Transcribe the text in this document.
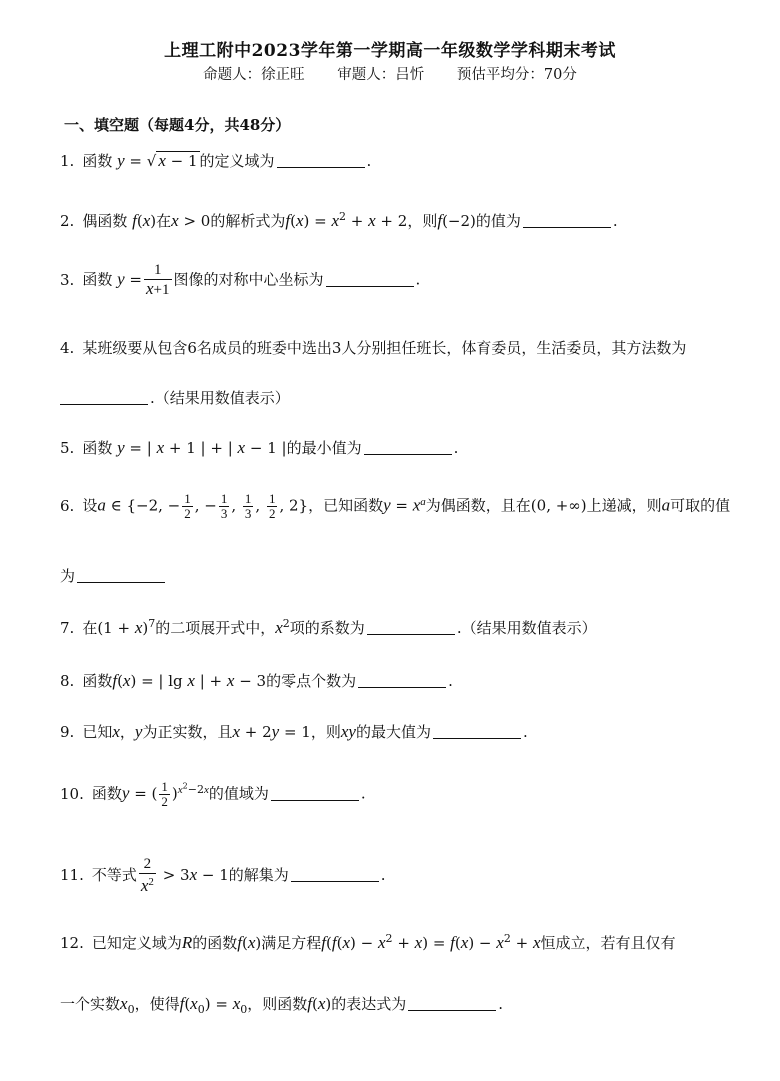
上理工附中2023学年第一学期高一年级数学学科期末考试
命题人：徐正旺 审题人：吕忻 预估平均分：70分
一、填空题（每题4分，共48分）
1. 函数 y = √ x − 1 的定义域为	.
2. 偶函数 f(x)在x > 0的解析式为$f(x) = x^2 + x + 2$，则f(−2)的值为	.
3. 函数 $y = \frac{1}{x+1}$ 图像的对称中心坐标为	.
4. 某班级要从包含6名成员的班委中选出3人分别担任班长，体育委员，生活委员，其方法数为
.（结果用数值表示）
5. 函数 y = | x + 1 | + | x − 1 |的最小值为	.
6. 设a ∈ {−2, − $\frac{1}{2}$ , − $\frac{1}{3}$ , $\frac{1}{3}$ , $\frac{1}{2}$ , 2}，已知函数$y = x^a$为偶函数，且在(0, +∞)上递减，则a可取的值
为
7. 在$(1 + x)^7$的二项展开式中，$x^2$项的系数为	.（结果用数值表示）
8. 函数f(x) = | lg x | + x − 3的零点个数为	.
9. 已知x，y为正实数，且x + 2y = 1，则xy的最大值为	.
10. 函数y = ( $\frac{1}{2} )^{x^2-2x}$的值域为	.
11. 不等式 $\frac{2}{x^2} > 3x - 1$的解集为	.
12. 已知定义域为R的函数f(x)满足方程$f(f(x) - x^2 + x) = f(x) - x^2 + x$恒成立，若有且仅有
一个实数$x_0$，使得$f(x_0) = x_0$，则函数f(x)的表达式为	.
